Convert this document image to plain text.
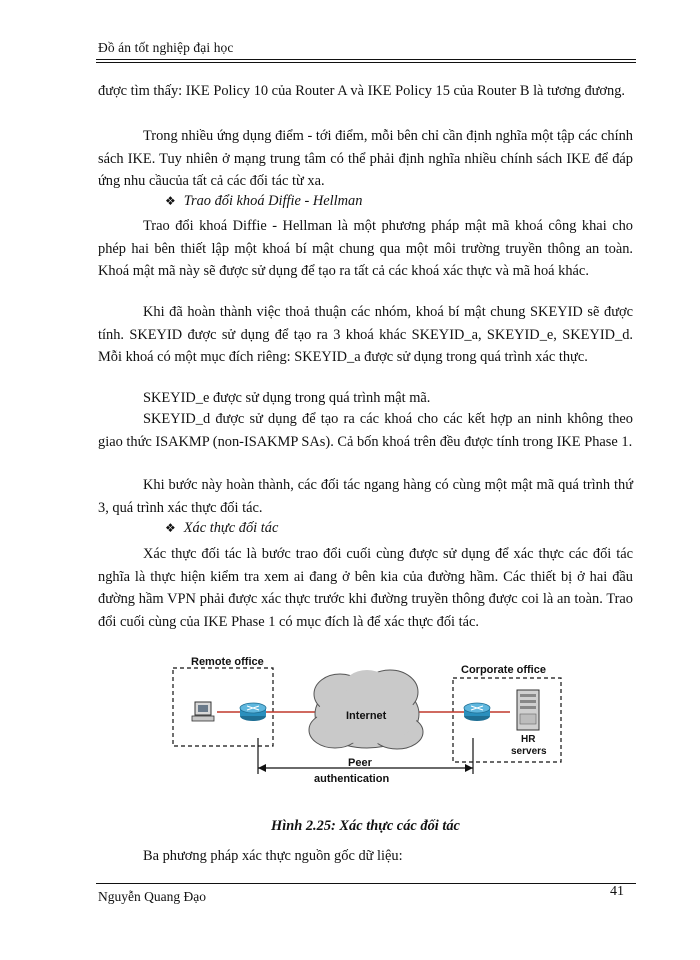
Đồ án tốt nghiệp đại học

được tìm thấy: IKE Policy 10 của Router A và IKE Policy 15 của Router B là tương đương.

Trong nhiều ứng dụng điểm - tới điểm, mỗi bên chỉ cần định nghĩa một tập các chính sách IKE. Tuy nhiên ở mạng trung tâm có thể phải định nghĩa nhiều chính sách IKE để đáp ứng nhu cầucủa tất cả các đối tác từ xa.

❖ Trao đổi khoá Diffie - Hellman

Trao đổi khoá Diffie - Hellman là một phương pháp mật mã khoá công khai cho phép hai bên thiết lập một khoá bí mật chung qua một môi trường truyền thông an toàn. Khoá mật mã này sẽ được sử dụng để tạo ra tất cả các khoá xác thực và mã hoá khác.

Khi đã hoàn thành việc thoả thuận các nhóm, khoá bí mật chung SKEYID sẽ được tính. SKEYID được sử dụng để tạo ra 3 khoá khác SKEYID_a, SKEYID_e, SKEYID_d. Mỗi khoá có một mục đích riêng: SKEYID_a được sử dụng trong quá trình xác thực.

SKEYID_e được sử dụng trong quá trình mật mã.

SKEYID_d được sử dụng để tạo ra các khoá cho các kết hợp an ninh không theo giao thức ISAKMP (non-ISAKMP SAs). Cả bốn khoá trên đều được tính trong IKE Phase 1.

Khi bước này hoàn thành, các đối tác ngang hàng có cùng một mật mã quá trình thứ 3, quá trình xác thực đối tác.

❖ Xác thực đối tác

Xác thực đối tác là bước trao đổi cuối cùng được sử dụng để xác thực các đối tác nghĩa là thực hiện kiểm tra xem ai đang ở bên kia của đường hầm. Các thiết bị ở hai đầu đường hầm VPN phải được xác thực trước khi đường truyền thông được coi là an toàn. Trao đổi cuối cùng của IKE Phase 1 có mục đích là để xác thực đối tác.

Remote office
Corporate office
Internet
HR
servers
Peer
authentication

Hình 2.25: Xác thực các đối tác

Ba phương pháp xác thực nguồn gốc dữ liệu:

Nguyễn Quang Đạo	41
